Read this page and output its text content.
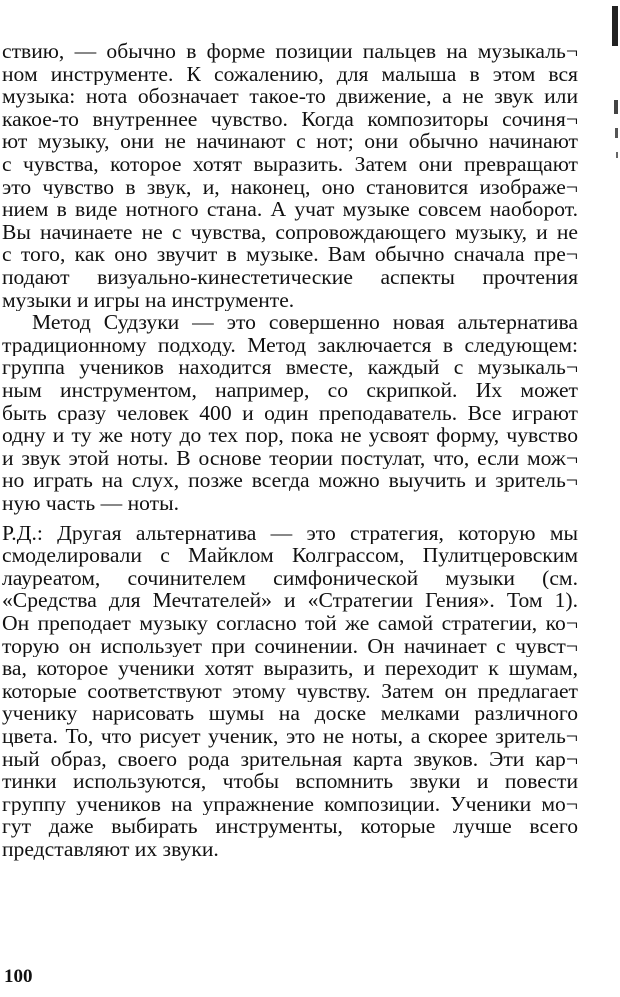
ствию, — обычно в форме позиции пальцев на музыкаль¬
ном инструменте. К сожалению, для малыша в этом вся
музыка: нота обозначает такое-то движение, а не звук или
какое-то внутреннее чувство. Когда композиторы сочиня¬
ют музыку, они не начинают с нот; они обычно начинают
с чувства, которое хотят выразить. Затем они превращают
это чувство в звук, и, наконец, оно становится изображе¬
нием в виде нотного стана. А учат музыке совсем наоборот.
Вы начинаете не с чувства, сопровождающего музыку, и не
с того, как оно звучит в музыке. Вам обычно сначала пре¬
подают визуально-кинестетические аспекты прочтения
музыки и игры на инструменте.
Метод Судзуки — это совершенно новая альтернатива
традиционному подходу. Метод заключается в следующем:
группа учеников находится вместе, каждый с музыкаль¬
ным инструментом, например, со скрипкой. Их может
быть сразу человек 400 и один преподаватель. Все играют
одну и ту же ноту до тех пор, пока не усвоят форму, чувство
и звук этой ноты. В основе теории постулат, что, если мож¬
но играть на слух, позже всегда можно выучить и зритель¬
ную часть — ноты.
Р.Д.: Другая альтернатива — это стратегия, которую мы
смоделировали с Майклом Колграссом, Пулитцеровским
лауреатом, сочинителем симфонической музыки (см.
«Средства для Мечтателей» и «Стратегии Гения». Том 1).
Он преподает музыку согласно той же самой стратегии, ко¬
торую он использует при сочинении. Он начинает с чувст¬
ва, которое ученики хотят выразить, и переходит к шумам,
которые соответствуют этому чувству. Затем он предлагает
ученику нарисовать шумы на доске мелками различного
цвета. То, что рисует ученик, это не ноты, а скорее зритель¬
ный образ, своего рода зрительная карта звуков. Эти кар¬
тинки используются, чтобы вспомнить звуки и повести
группу учеников на упражнение композиции. Ученики мо¬
гут даже выбирать инструменты, которые лучше всего
представляют их звуки.
100
